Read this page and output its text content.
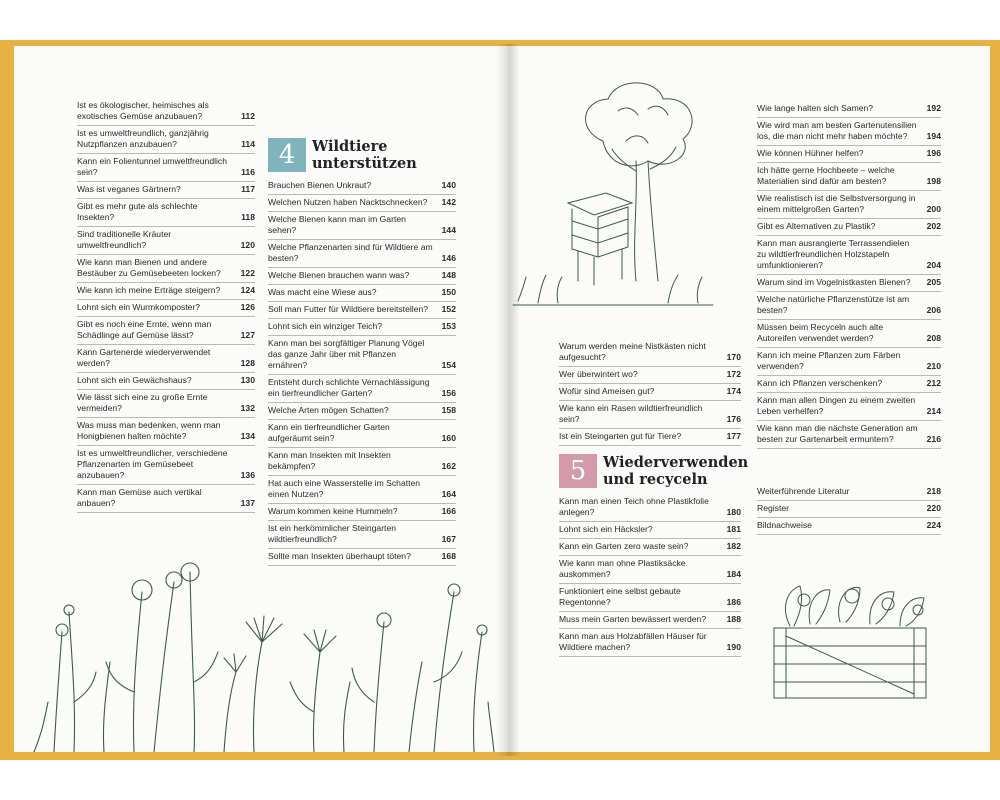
Ist es ökologischer, heimisches als exotisches Gemüse anzubauen?	112
Ist es umweltfreundlich, ganzjährig Nutzpflanzen anzubauen?	114
Kann ein Folientunnel umweltfreundlich sein?	116
Was ist veganes Gärtnern?	117
Gibt es mehr gute als schlechte Insekten?	118
Sind traditionelle Kräuter umweltfreundlich?	120
Wie kann man Bienen und andere Bestäuber zu Gemüsebeeten locken?	122
Wie kann ich meine Erträge steigern?	124
Lohnt sich ein Wurmkomposter?	126
Gibt es noch eine Ernte, wenn man Schädlinge auf Gemüse lässt?	127
Kann Gartenerde wiederverwendet werden?	128
Lohnt sich ein Gewächshaus?	130
Wie lässt sich eine zu große Ernte vermeiden?	132
Was muss man bedenken, wenn man Honigbienen halten möchte?	134
Ist es umweltfreundlicher, verschiedene Pflanzenarten im Gemüsebeet anzubauen?	136
Kann man Gemüse auch vertikal anbauen?	137
4	Wildtiere unterstützen
Brauchen Bienen Unkraut?	140
Welchen Nutzen haben Nacktschnecken?	142
Welche Bienen kann man im Garten sehen?	144
Welche Pflanzenarten sind für Wildtiere am besten?	146
Welche Bienen brauchen wann was?	148
Was macht eine Wiese aus?	150
Soll man Futter für Wildtiere bereitstellen?	152
Lohnt sich ein winziger Teich?	153
Kann man bei sorgfältiger Planung Vögel das ganze Jahr über mit Pflanzen ernähren?	154
Entsteht durch schlichte Vernachlässigung ein tierfreundlicher Garten?	156
Welche Arten mögen Schatten?	158
Kann ein tierfreundlicher Garten aufgeräumt sein?	160
Kann man Insekten mit Insekten bekämpfen?	162
Hat auch eine Wasserstelle im Schatten einen Nutzen?	164
Warum kommen keine Hummeln?	166
Ist ein herkömmlicher Steingarten wildtierfreundlich?	167
Sollte man Insekten überhaupt töten?	168
Warum werden meine Nistkästen nicht aufgesucht?	170
Wer überwintert wo?	172
Wofür sind Ameisen gut?	174
Wie kann ein Rasen wildtierfreundlich sein?	176
Ist ein Steingarten gut für Tiere?	177
5	Wiederverwenden und recyceln
Kann man einen Teich ohne Plastikfolie anlegen?	180
Lohnt sich ein Häcksler?	181
Kann ein Garten zero waste sein?	182
Wie kann man ohne Plastiksäcke auskommen?	184
Funktioniert eine selbst gebaute Regentonne?	186
Muss mein Garten bewässert werden?	188
Kann man aus Holzabfällen Häuser für Wildtiere machen?	190
Wie lange halten sich Samen?	192
Wie wird man am besten Gartenutensilien los, die man nicht mehr haben möchte?	194
Wie können Hühner helfen?	196
Ich hätte gerne Hochbeete – welche Materialien sind dafür am besten?	198
Wie realistisch ist die Selbstversorgung in einem mittelgroßen Garten?	200
Gibt es Alternativen zu Plastik?	202
Kann man ausrangierte Terrassendielen zu wildtierfreundlichen Holzstapeln umfunktionieren?	204
Warum sind im Vogelnistkasten Bienen?	205
Welche natürliche Pflanzenstütze ist am besten?	206
Müssen beim Recyceln auch alte Autoreifen verwendet werden?	208
Kann ich meine Pflanzen zum Färben verwenden?	210
Kann ich Pflanzen verschenken?	212
Kann man allen Dingen zu einem zweiten Leben verhelfen?	214
Wie kann man die nächste Generation am besten zur Gartenarbeit ermuntern?	216
Weiterführende Literatur	218
Register	220
Bildnachweise	224
